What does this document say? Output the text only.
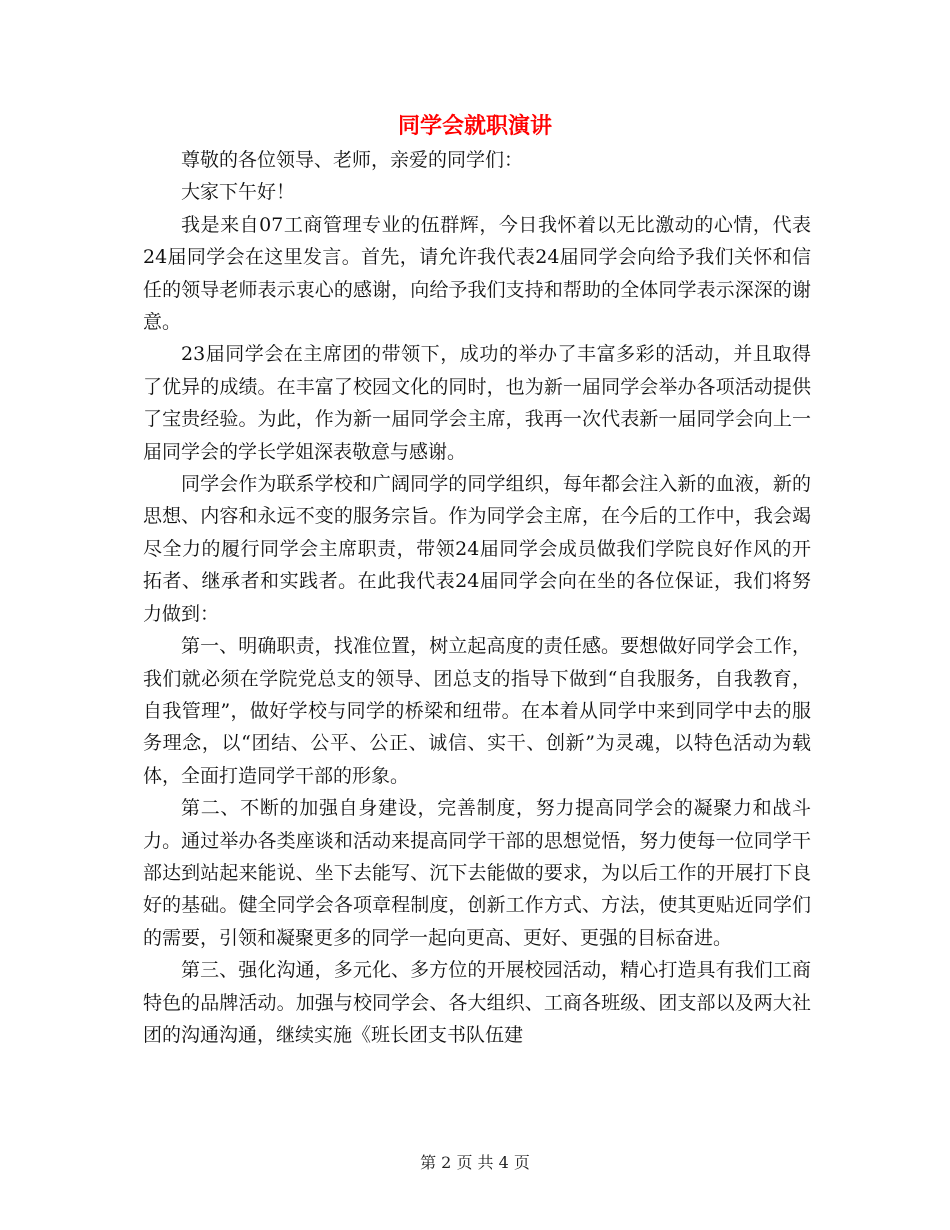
同学会就职演讲

尊敬的各位领导、老师，亲爱的同学们：

大家下午好！

我是来自07工商管理专业的伍群辉，今日我怀着以无比激动的心情，代表24届同学会在这里发言。首先，请允许我代表24届同学会向给予我们关怀和信任的领导老师表示衷心的感谢，向给予我们支持和帮助的全体同学表示深深的谢意。

23届同学会在主席团的带领下，成功的举办了丰富多彩的活动，并且取得了优异的成绩。在丰富了校园文化的同时，也为新一届同学会举办各项活动提供了宝贵经验。为此，作为新一届同学会主席，我再一次代表新一届同学会向上一届同学会的学长学姐深表敬意与感谢。

同学会作为联系学校和广阔同学的同学组织，每年都会注入新的血液，新的思想、内容和永远不变的服务宗旨。作为同学会主席，在今后的工作中，我会竭尽全力的履行同学会主席职责，带领24届同学会成员做我们学院良好作风的开拓者、继承者和实践者。在此我代表24届同学会向在坐的各位保证，我们将努力做到：

第一、明确职责，找准位置，树立起高度的责任感。要想做好同学会工作，我们就必须在学院党总支的领导、团总支的指导下做到“自我服务，自我教育，自我管理”，做好学校与同学的桥梁和纽带。在本着从同学中来到同学中去的服务理念，以“团结、公平、公正、诚信、实干、创新”为灵魂，以特色活动为载体，全面打造同学干部的形象。

第二、不断的加强自身建设，完善制度，努力提高同学会的凝聚力和战斗力。通过举办各类座谈和活动来提高同学干部的思想觉悟，努力使每一位同学干部达到站起来能说、坐下去能写、沉下去能做的要求，为以后工作的开展打下良好的基础。健全同学会各项章程制度，创新工作方式、方法，使其更贴近同学们的需要，引领和凝聚更多的同学一起向更高、更好、更强的目标奋进。

第三、强化沟通，多元化、多方位的开展校园活动，精心打造具有我们工商特色的品牌活动。加强与校同学会、各大组织、工商各班级、团支部以及两大社团的沟通沟通，继续实施《班长团支书队伍建

第 2 页 共 4 页
